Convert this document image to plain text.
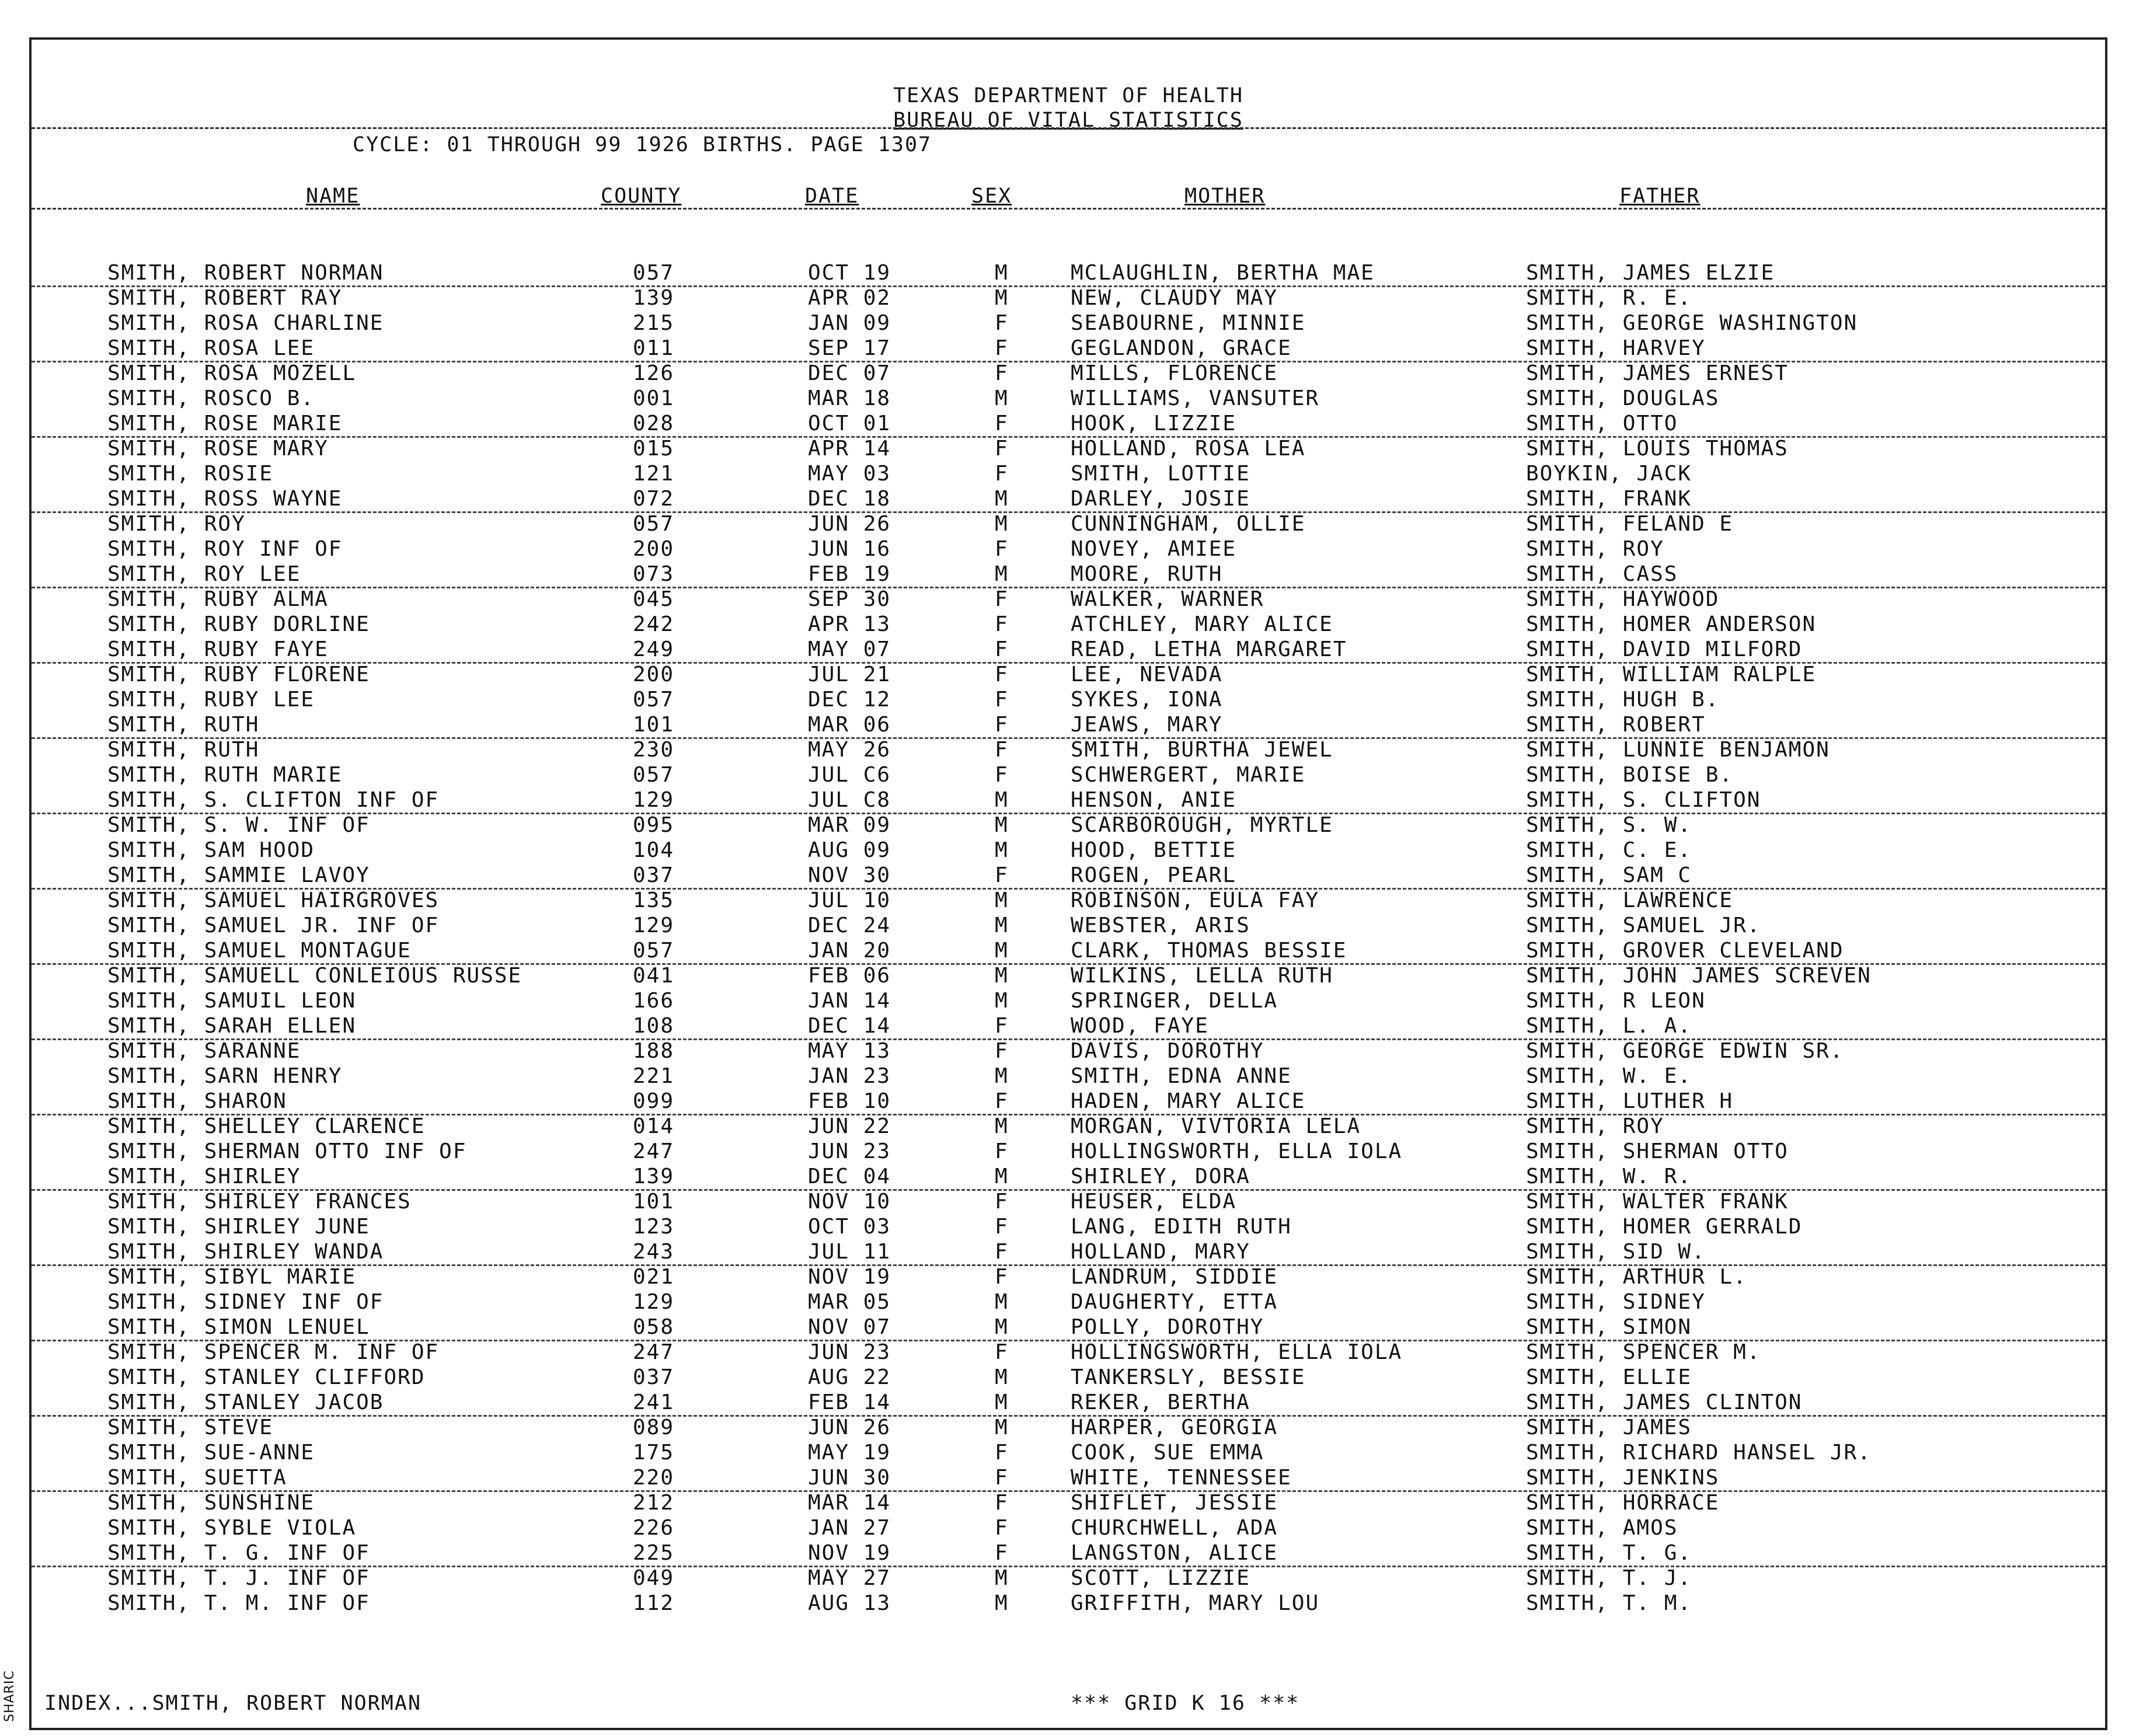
SHARIC
TEXAS DEPARTMENT OF HEALTH
BUREAU OF VITAL STATISTICS
CYCLE: 01 THROUGH 99 1926 BIRTHS. PAGE 1307
NAME	COUNTY	DATE	SEX	MOTHER	FATHER
SMITH, ROBERT NORMAN	057	OCT 19	M	MCLAUGHLIN, BERTHA MAE	SMITH, JAMES ELZIE
SMITH, ROBERT RAY	139	APR 02	M	NEW, CLAUDY MAY	SMITH, R. E.
SMITH, ROSA CHARLINE	215	JAN 09	F	SEABOURNE, MINNIE	SMITH, GEORGE WASHINGTON
SMITH, ROSA LEE	011	SEP 17	F	GEGLANDON, GRACE	SMITH, HARVEY
SMITH, ROSA MOZELL	126	DEC 07	F	MILLS, FLORENCE	SMITH, JAMES ERNEST
SMITH, ROSCO B.	001	MAR 18	M	WILLIAMS, VANSUTER	SMITH, DOUGLAS
SMITH, ROSE MARIE	028	OCT 01	F	HOOK, LIZZIE	SMITH, OTTO
SMITH, ROSE MARY	015	APR 14	F	HOLLAND, ROSA LEA	SMITH, LOUIS THOMAS
SMITH, ROSIE	121	MAY 03	F	SMITH, LOTTIE	BOYKIN, JACK
SMITH, ROSS WAYNE	072	DEC 18	M	DARLEY, JOSIE	SMITH, FRANK
SMITH, ROY	057	JUN 26	M	CUNNINGHAM, OLLIE	SMITH, FELAND E
SMITH, ROY INF OF	200	JUN 16	F	NOVEY, AMIEE	SMITH, ROY
SMITH, ROY LEE	073	FEB 19	M	MOORE, RUTH	SMITH, CASS
SMITH, RUBY ALMA	045	SEP 30	F	WALKER, WARNER	SMITH, HAYWOOD
SMITH, RUBY DORLINE	242	APR 13	F	ATCHLEY, MARY ALICE	SMITH, HOMER ANDERSON
SMITH, RUBY FAYE	249	MAY 07	F	READ, LETHA MARGARET	SMITH, DAVID MILFORD
SMITH, RUBY FLORENE	200	JUL 21	F	LEE, NEVADA	SMITH, WILLIAM RALPLE
SMITH, RUBY LEE	057	DEC 12	F	SYKES, IONA	SMITH, HUGH B.
SMITH, RUTH	101	MAR 06	F	JEAWS, MARY	SMITH, ROBERT
SMITH, RUTH	230	MAY 26	F	SMITH, BURTHA JEWEL	SMITH, LUNNIE BENJAMON
SMITH, RUTH MARIE	057	JUL C6	F	SCHWERGERT, MARIE	SMITH, BOISE B.
SMITH, S. CLIFTON INF OF	129	JUL C8	M	HENSON, ANIE	SMITH, S. CLIFTON
SMITH, S. W. INF OF	095	MAR 09	M	SCARBOROUGH, MYRTLE	SMITH, S. W.
SMITH, SAM HOOD	104	AUG 09	M	HOOD, BETTIE	SMITH, C. E.
SMITH, SAMMIE LAVOY	037	NOV 30	F	ROGEN, PEARL	SMITH, SAM C
SMITH, SAMUEL HAIRGROVES	135	JUL 10	M	ROBINSON, EULA FAY	SMITH, LAWRENCE
SMITH, SAMUEL JR. INF OF	129	DEC 24	M	WEBSTER, ARIS	SMITH, SAMUEL JR.
SMITH, SAMUEL MONTAGUE	057	JAN 20	M	CLARK, THOMAS BESSIE	SMITH, GROVER CLEVELAND
SMITH, SAMUELL CONLEIOUS RUSSE	041	FEB 06	M	WILKINS, LELLA RUTH	SMITH, JOHN JAMES SCREVEN
SMITH, SAMUIL LEON	166	JAN 14	M	SPRINGER, DELLA	SMITH, R LEON
SMITH, SARAH ELLEN	108	DEC 14	F	WOOD, FAYE	SMITH, L. A.
SMITH, SARANNE	188	MAY 13	F	DAVIS, DOROTHY	SMITH, GEORGE EDWIN SR.
SMITH, SARN HENRY	221	JAN 23	M	SMITH, EDNA ANNE	SMITH, W. E.
SMITH, SHARON	099	FEB 10	F	HADEN, MARY ALICE	SMITH, LUTHER H
SMITH, SHELLEY CLARENCE	014	JUN 22	M	MORGAN, VIVTORIA LELA	SMITH, ROY
SMITH, SHERMAN OTTO INF OF	247	JUN 23	F	HOLLINGSWORTH, ELLA IOLA	SMITH, SHERMAN OTTO
SMITH, SHIRLEY	139	DEC 04	M	SHIRLEY, DORA	SMITH, W. R.
SMITH, SHIRLEY FRANCES	101	NOV 10	F	HEUSER, ELDA	SMITH, WALTER FRANK
SMITH, SHIRLEY JUNE	123	OCT 03	F	LANG, EDITH RUTH	SMITH, HOMER GERRALD
SMITH, SHIRLEY WANDA	243	JUL 11	F	HOLLAND, MARY	SMITH, SID W.
SMITH, SIBYL MARIE	021	NOV 19	F	LANDRUM, SIDDIE	SMITH, ARTHUR L.
SMITH, SIDNEY INF OF	129	MAR 05	M	DAUGHERTY, ETTA	SMITH, SIDNEY
SMITH, SIMON LENUEL	058	NOV 07	M	POLLY, DOROTHY	SMITH, SIMON
SMITH, SPENCER M. INF OF	247	JUN 23	F	HOLLINGSWORTH, ELLA IOLA	SMITH, SPENCER M.
SMITH, STANLEY CLIFFORD	037	AUG 22	M	TANKERSLY, BESSIE	SMITH, ELLIE
SMITH, STANLEY JACOB	241	FEB 14	M	REKER, BERTHA	SMITH, JAMES CLINTON
SMITH, STEVE	089	JUN 26	M	HARPER, GEORGIA	SMITH, JAMES
SMITH, SUE-ANNE	175	MAY 19	F	COOK, SUE EMMA	SMITH, RICHARD HANSEL JR.
SMITH, SUETTA	220	JUN 30	F	WHITE, TENNESSEE	SMITH, JENKINS
SMITH, SUNSHINE	212	MAR 14	F	SHIFLET, JESSIE	SMITH, HORRACE
SMITH, SYBLE VIOLA	226	JAN 27	F	CHURCHWELL, ADA	SMITH, AMOS
SMITH, T. G. INF OF	225	NOV 19	F	LANGSTON, ALICE	SMITH, T. G.
SMITH, T. J. INF OF	049	MAY 27	M	SCOTT, LIZZIE	SMITH, T. J.
SMITH, T. M. INF OF	112	AUG 13	M	GRIFFITH, MARY LOU	SMITH, T. M.
INDEX...SMITH, ROBERT NORMAN	*** GRID K 16 ***
